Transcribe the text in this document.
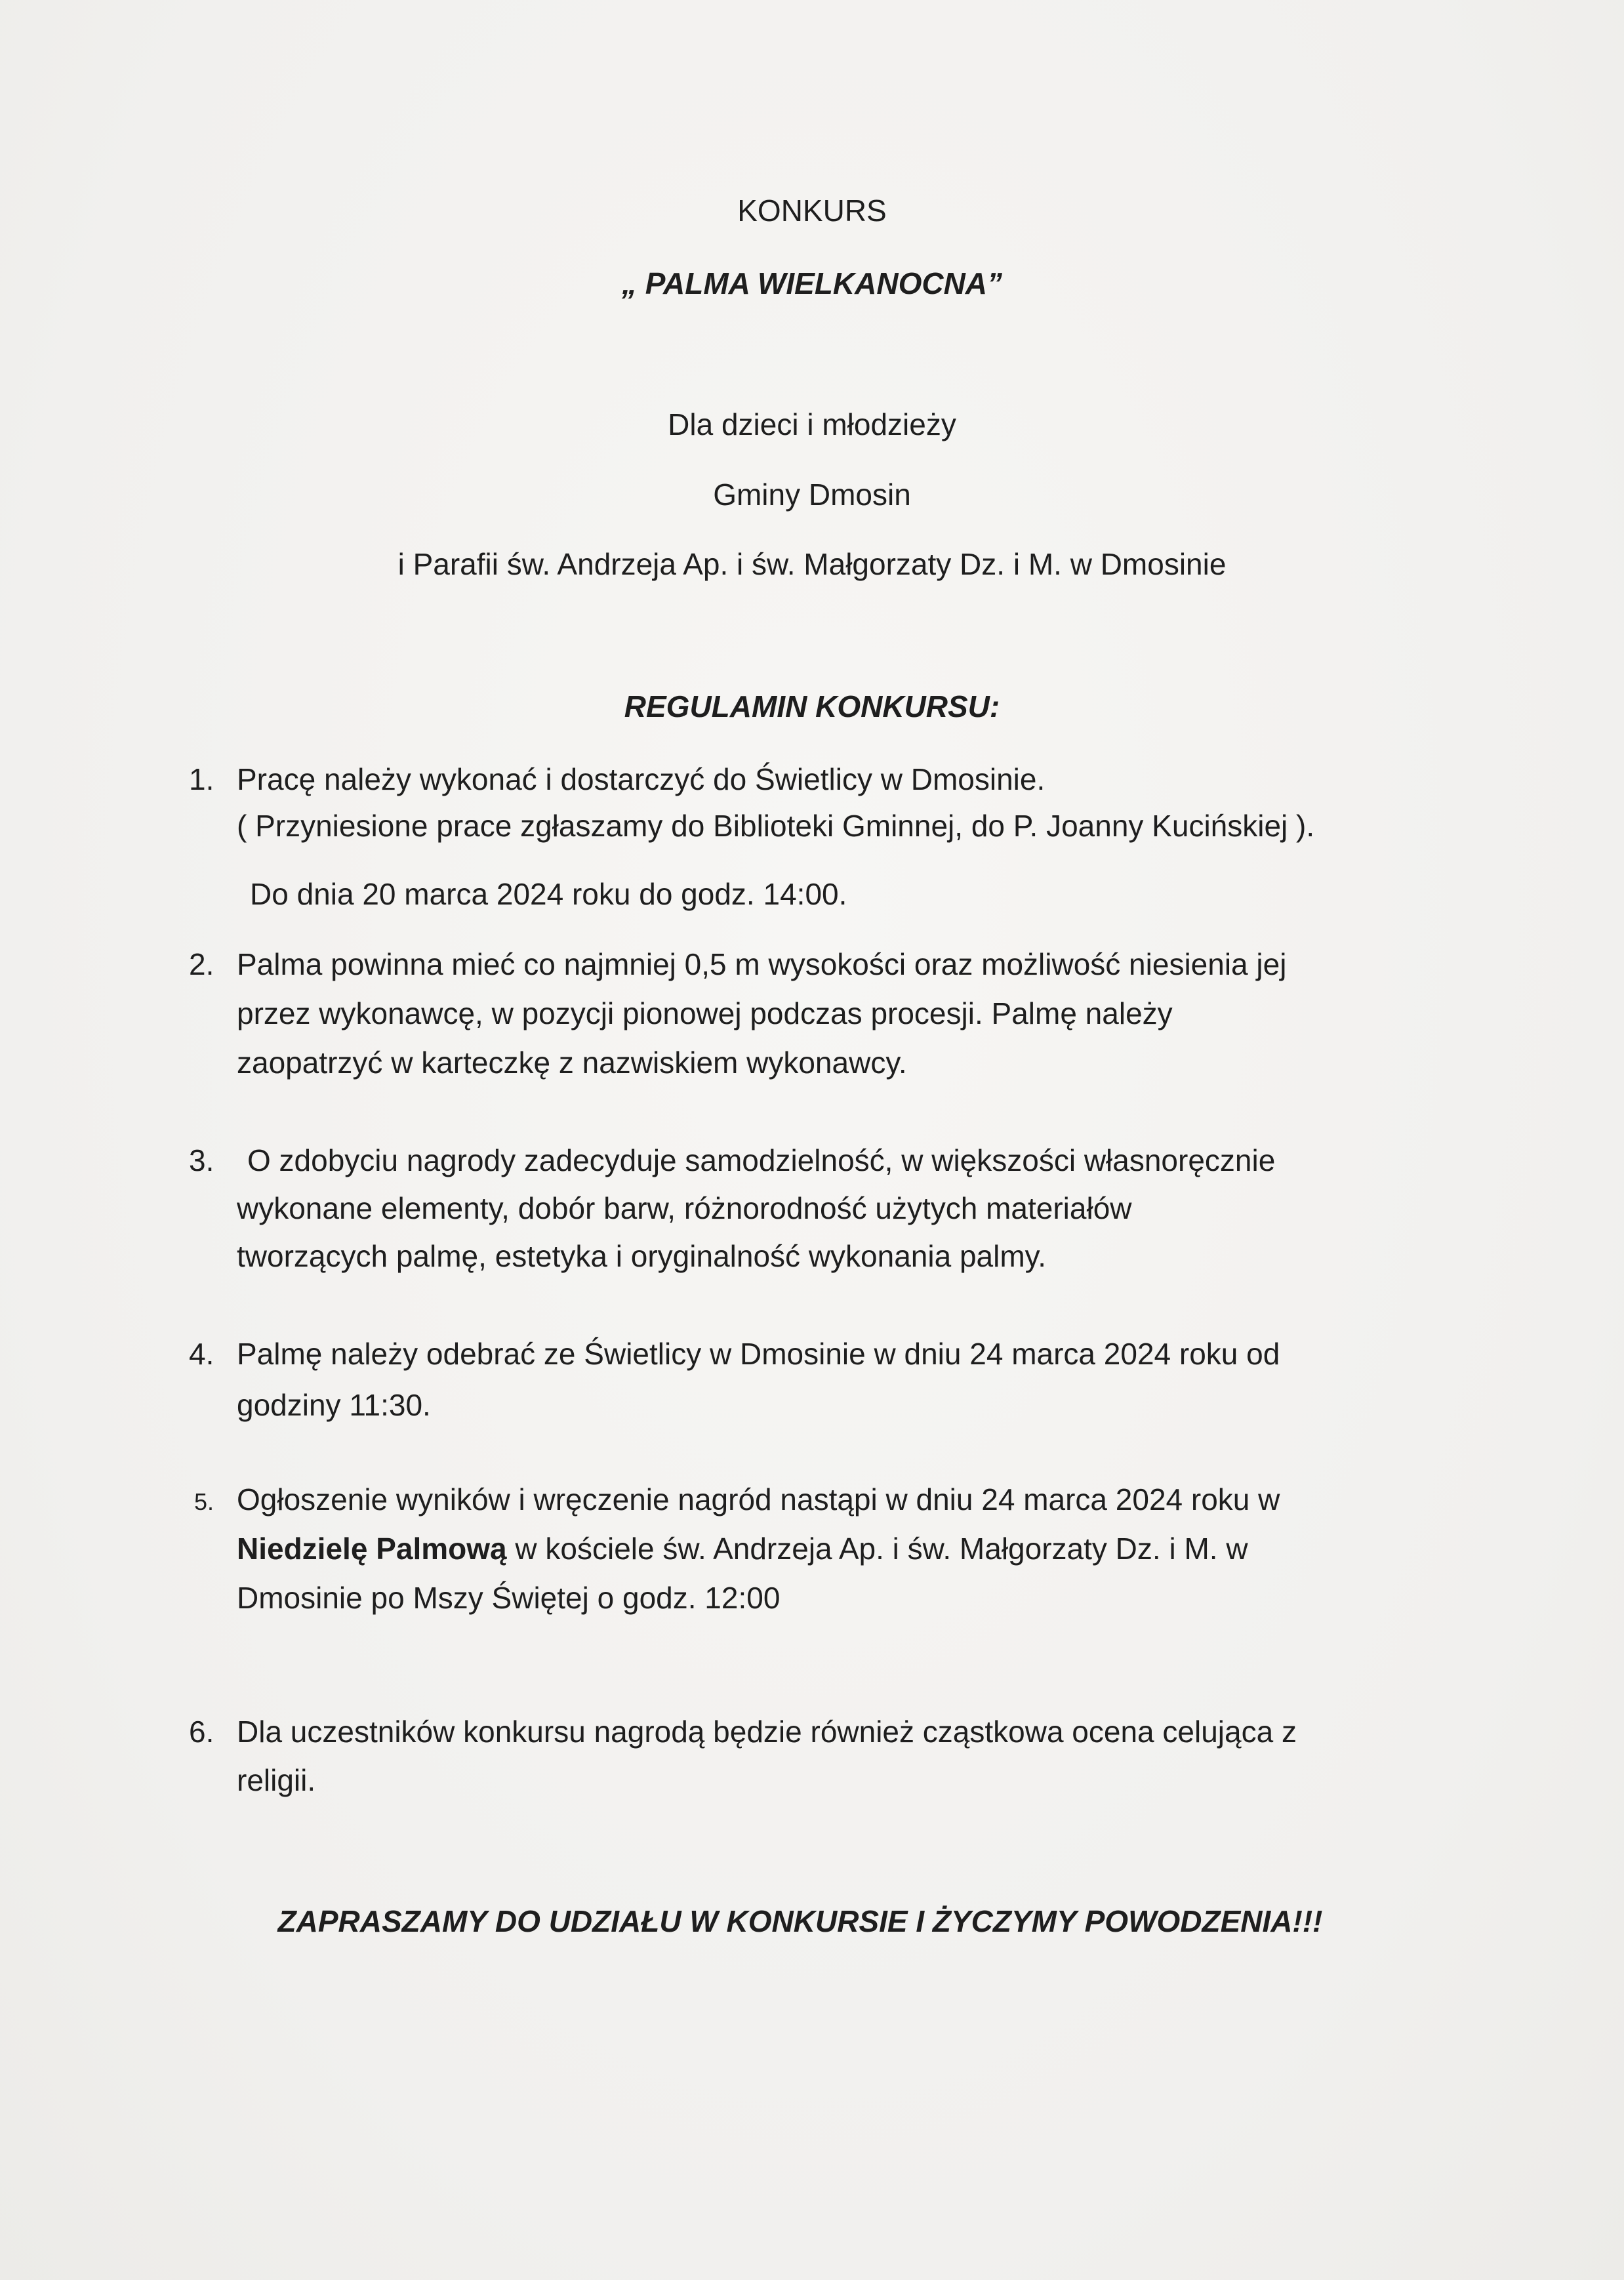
KONKURS
„ PALMA WIELKANOCNA”
Dla dzieci i młodzieży
Gminy Dmosin
i Parafii św. Andrzeja Ap. i św. Małgorzaty Dz. i M. w Dmosinie
REGULAMIN KONKURSU:
1. Pracę należy wykonać i dostarczyć do Świetlicy w Dmosinie.
( Przyniesione prace zgłaszamy do Biblioteki Gminnej, do P. Joanny Kucińskiej ).
Do dnia 20 marca 2024 roku do godz. 14:00.
2. Palma powinna mieć co najmniej 0,5 m wysokości oraz możliwość niesienia jej
przez wykonawcę, w pozycji pionowej podczas procesji. Palmę należy
zaopatrzyć w karteczkę z nazwiskiem wykonawcy.
3. O zdobyciu nagrody zadecyduje samodzielność, w większości własnoręcznie
wykonane elementy, dobór barw, różnorodność użytych materiałów
tworzących palmę, estetyka i oryginalność wykonania palmy.
4. Palmę należy odebrać ze Świetlicy w Dmosinie w dniu 24 marca 2024 roku od
godziny 11:30.
5. Ogłoszenie wyników i wręczenie nagród nastąpi w dniu 24 marca 2024 roku w
Niedzielę Palmową w kościele św. Andrzeja Ap. i św. Małgorzaty Dz. i M. w
Dmosinie po Mszy Świętej o godz. 12:00
6. Dla uczestników konkursu nagrodą będzie również cząstkowa ocena celująca z
religii.
ZAPRASZAMY DO UDZIAŁU W KONKURSIE I ŻYCZYMY POWODZENIA!!!
